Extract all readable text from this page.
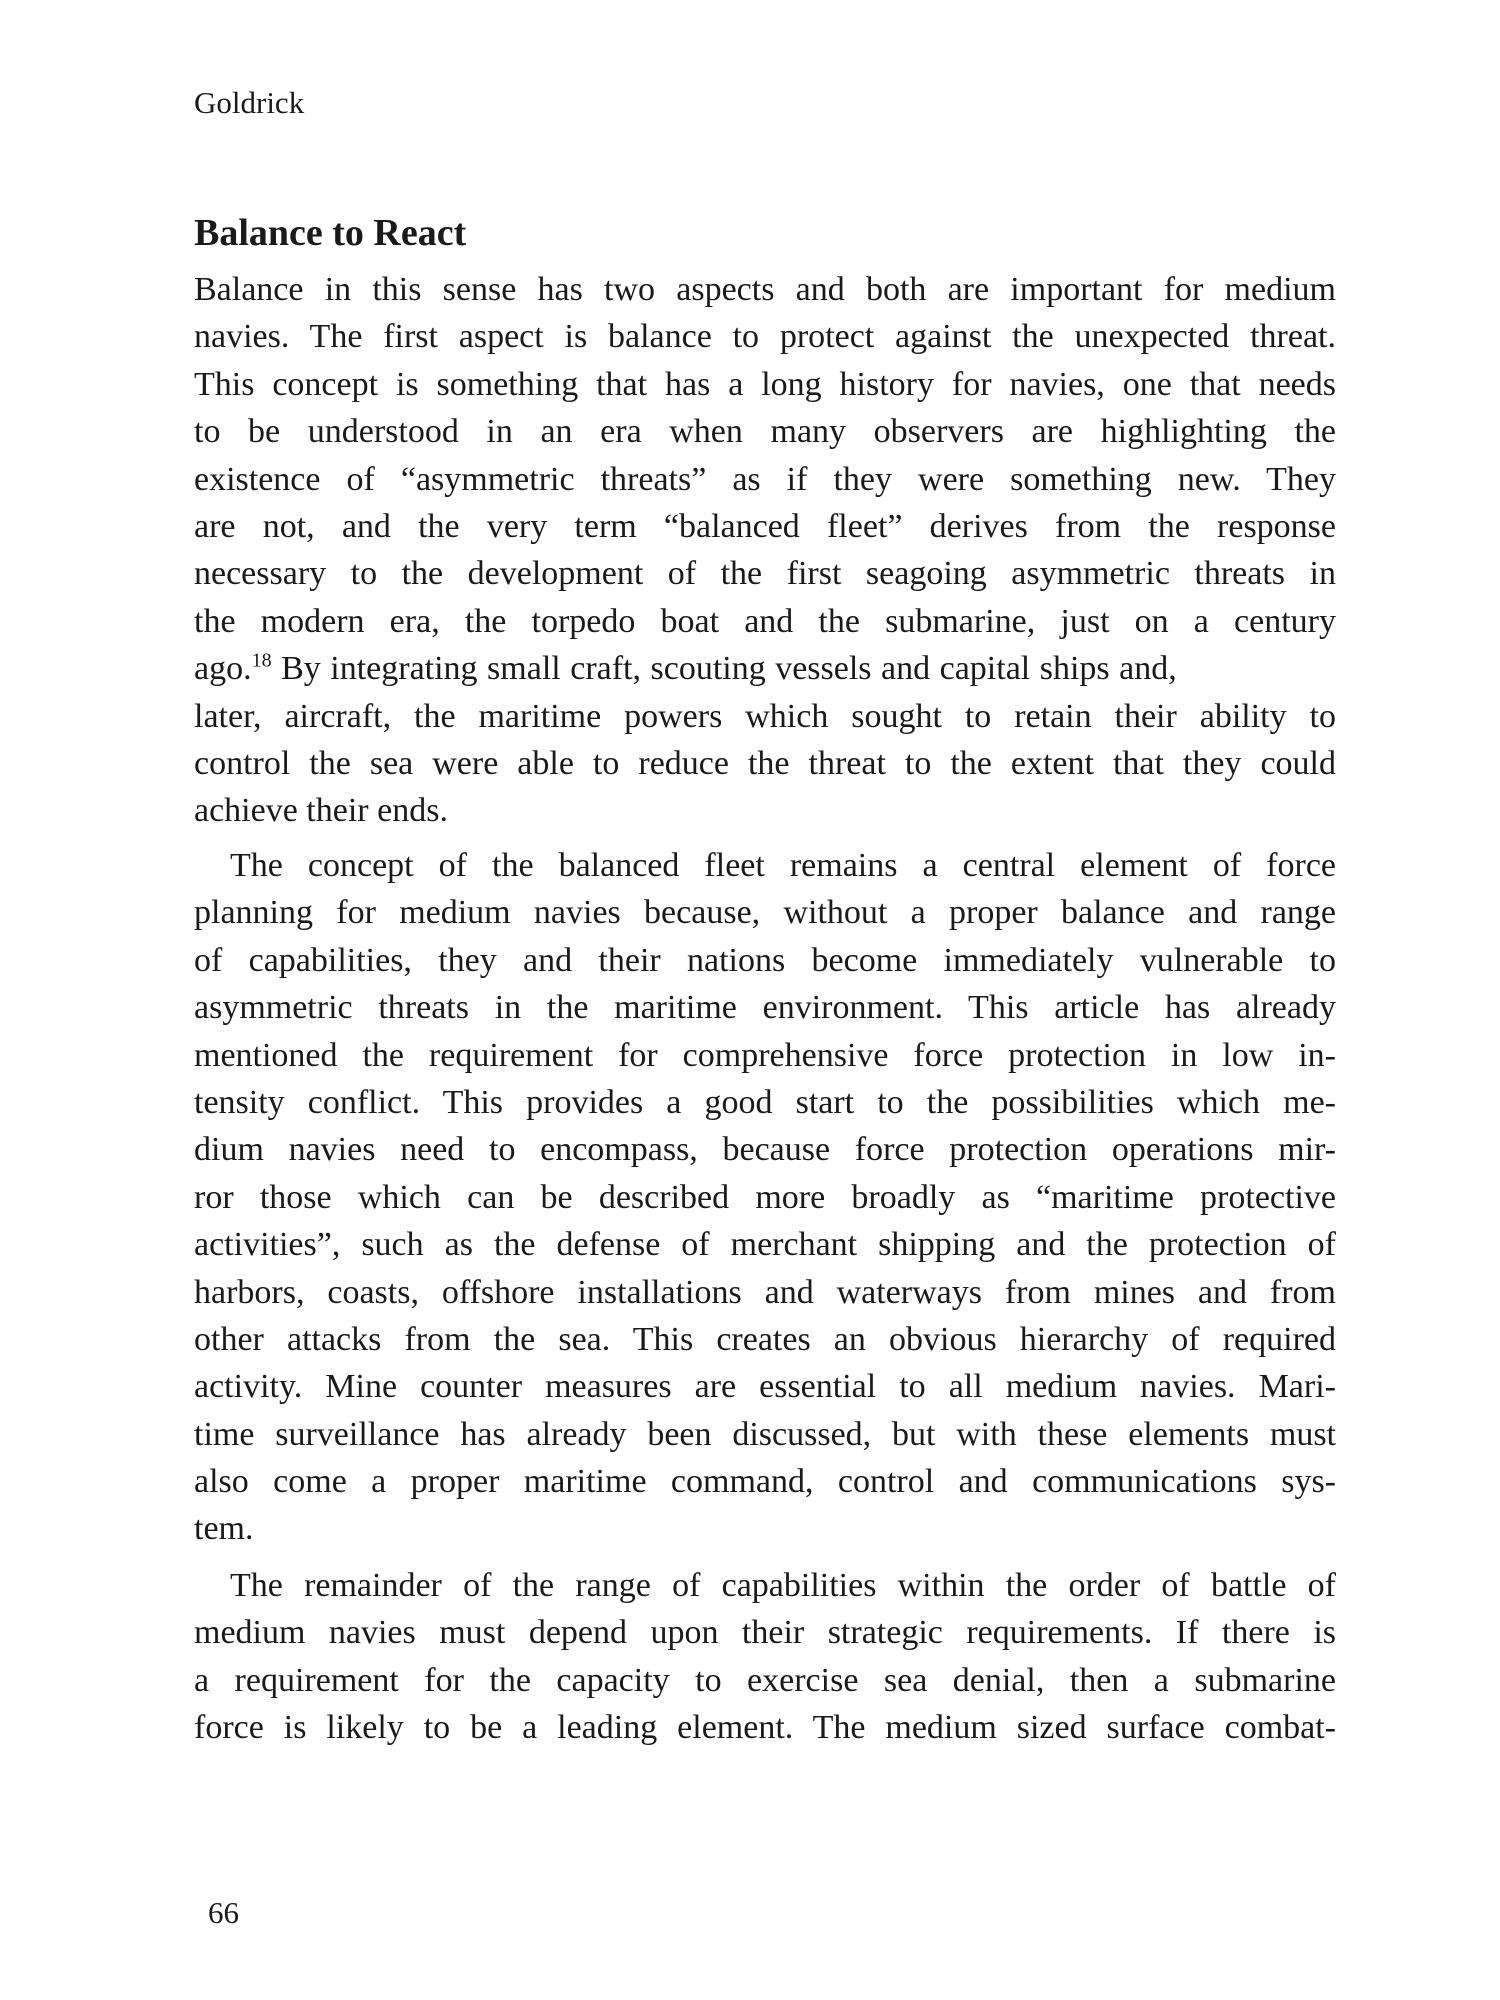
Goldrick
Balance to React
Balance in this sense has two aspects and both are important for medium
navies. The first aspect is balance to protect against the unexpected threat.
This concept is something that has a long history for navies, one that needs
to be understood in an era when many observers are highlighting the
existence of “asymmetric threats” as if they were something new. They
are not, and the very term “balanced fleet” derives from the response
necessary to the development of the first seagoing asymmetric threats in
the modern era, the torpedo boat and the submarine, just on a century
ago.$^{18}$ By integrating small craft, scouting vessels and capital ships and,
later, aircraft, the maritime powers which sought to retain their ability to
control the sea were able to reduce the threat to the extent that they could
achieve their ends.
The concept of the balanced fleet remains a central element of force
planning for medium navies because, without a proper balance and range
of capabilities, they and their nations become immediately vulnerable to
asymmetric threats in the maritime environment. This article has already
mentioned the requirement for comprehensive force protection in low in-
tensity conflict. This provides a good start to the possibilities which me-
dium navies need to encompass, because force protection operations mir-
ror those which can be described more broadly as “maritime protective
activities”, such as the defense of merchant shipping and the protection of
harbors, coasts, offshore installations and waterways from mines and from
other attacks from the sea. This creates an obvious hierarchy of required
activity. Mine counter measures are essential to all medium navies. Mari-
time surveillance has already been discussed, but with these elements must
also come a proper maritime command, control and communications sys-
tem.
The remainder of the range of capabilities within the order of battle of
medium navies must depend upon their strategic requirements. If there is
a requirement for the capacity to exercise sea denial, then a submarine
force is likely to be a leading element. The medium sized surface combat-
66
